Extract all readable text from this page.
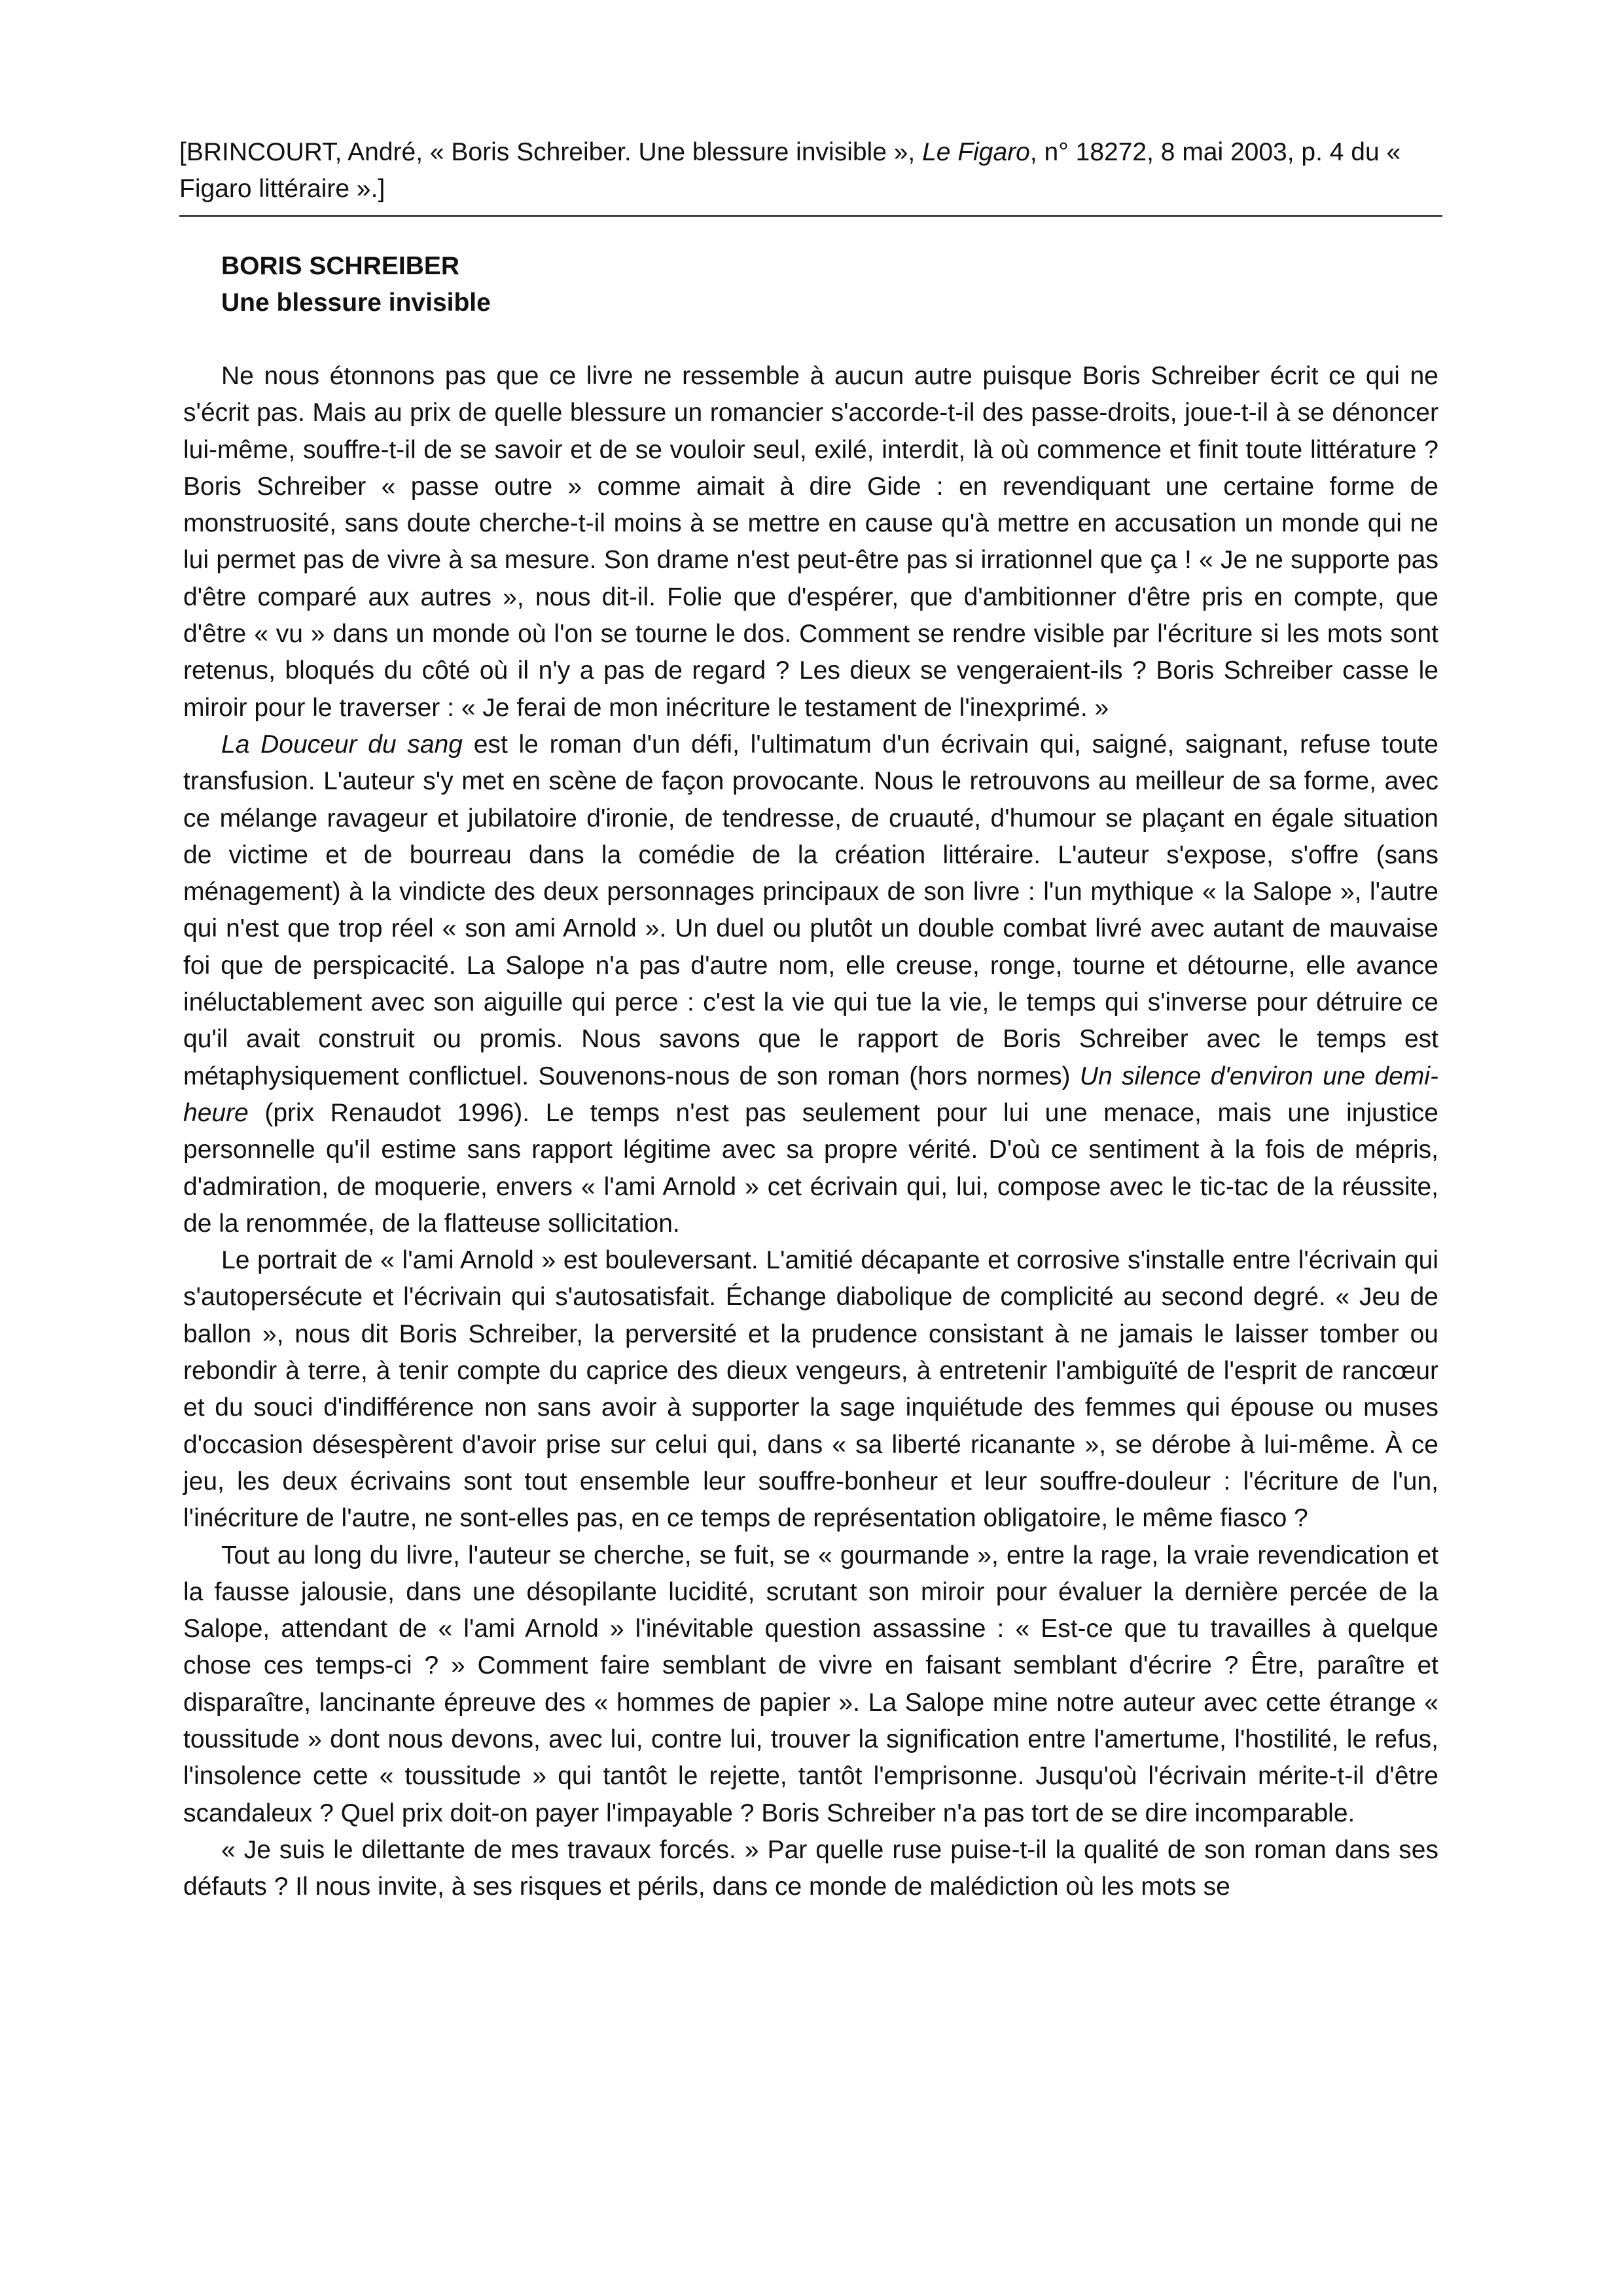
[BRINCOURT, André, « Boris Schreiber. Une blessure invisible », Le Figaro, n° 18272, 8 mai 2003, p. 4 du « Figaro littéraire ».]
BORIS SCHREIBER
Une blessure invisible

Ne nous étonnons pas que ce livre ne ressemble à aucun autre puisque Boris Schreiber écrit ce qui ne s'écrit pas. Mais au prix de quelle blessure un romancier s'accorde-t-il des passe-droits, joue-t-il à se dénoncer lui-même, souffre-t-il de se savoir et de se vouloir seul, exilé, interdit, là où commence et finit toute littérature ? Boris Schreiber « passe outre » comme aimait à dire Gide : en revendiquant une certaine forme de monstruosité, sans doute cherche-t-il moins à se mettre en cause qu'à mettre en accusation un monde qui ne lui permet pas de vivre à sa mesure. Son drame n'est peut-être pas si irrationnel que ça ! « Je ne supporte pas d'être comparé aux autres », nous dit-il. Folie que d'espérer, que d'ambitionner d'être pris en compte, que d'être « vu » dans un monde où l'on se tourne le dos. Comment se rendre visible par l'écriture si les mots sont retenus, bloqués du côté où il n'y a pas de regard ? Les dieux se vengeraient-ils ? Boris Schreiber casse le miroir pour le traverser : « Je ferai de mon inécriture le testament de l'inexprimé. »

La Douceur du sang est le roman d'un défi, l'ultimatum d'un écrivain qui, saigné, saignant, refuse toute transfusion. L'auteur s'y met en scène de façon provocante. Nous le retrouvons au meilleur de sa forme, avec ce mélange ravageur et jubilatoire d'ironie, de tendresse, de cruauté, d'humour se plaçant en égale situation de victime et de bourreau dans la comédie de la création littéraire. L'auteur s'expose, s'offre (sans ménagement) à la vindicte des deux personnages principaux de son livre : l'un mythique « la Salope », l'autre qui n'est que trop réel « son ami Arnold ». Un duel ou plutôt un double combat livré avec autant de mauvaise foi que de perspicacité. La Salope n'a pas d'autre nom, elle creuse, ronge, tourne et détourne, elle avance inéluctablement avec son aiguille qui perce : c'est la vie qui tue la vie, le temps qui s'inverse pour détruire ce qu'il avait construit ou promis. Nous savons que le rapport de Boris Schreiber avec le temps est métaphysiquement conflictuel. Souvenons-nous de son roman (hors normes) Un silence d'environ une demi-heure (prix Renaudot 1996). Le temps n'est pas seulement pour lui une menace, mais une injustice personnelle qu'il estime sans rapport légitime avec sa propre vérité. D'où ce sentiment à la fois de mépris, d'admiration, de moquerie, envers « l'ami Arnold » cet écrivain qui, lui, compose avec le tic-tac de la réussite, de la renommée, de la flatteuse sollicitation.

Le portrait de « l'ami Arnold » est bouleversant. L'amitié décapante et corrosive s'installe entre l'écrivain qui s'autopersécute et l'écrivain qui s'autosatisfait. Échange diabolique de complicité au second degré. « Jeu de ballon », nous dit Boris Schreiber, la perversité et la prudence consistant à ne jamais le laisser tomber ou rebondir à terre, à tenir compte du caprice des dieux vengeurs, à entretenir l'ambiguïté de l'esprit de rancœur et du souci d'indifférence non sans avoir à supporter la sage inquiétude des femmes qui épouse ou muses d'occasion désespèrent d'avoir prise sur celui qui, dans « sa liberté ricanante », se dérobe à lui-même. À ce jeu, les deux écrivains sont tout ensemble leur souffre-bonheur et leur souffre-douleur : l'écriture de l'un, l'inécriture de l'autre, ne sont-elles pas, en ce temps de représentation obligatoire, le même fiasco ?

Tout au long du livre, l'auteur se cherche, se fuit, se « gourmande », entre la rage, la vraie revendication et la fausse jalousie, dans une désopilante lucidité, scrutant son miroir pour évaluer la dernière percée de la Salope, attendant de « l'ami Arnold » l'inévitable question assassine : « Est-ce que tu travailles à quelque chose ces temps-ci ? » Comment faire semblant de vivre en faisant semblant d'écrire ? Être, paraître et disparaître, lancinante épreuve des « hommes de papier ». La Salope mine notre auteur avec cette étrange « toussitude » dont nous devons, avec lui, contre lui, trouver la signification entre l'amertume, l'hostilité, le refus, l'insolence cette « toussitude » qui tantôt le rejette, tantôt l'emprisonne. Jusqu'où l'écrivain mérite-t-il d'être scandaleux ? Quel prix doit-on payer l'impayable ? Boris Schreiber n'a pas tort de se dire incomparable.

« Je suis le dilettante de mes travaux forcés. » Par quelle ruse puise-t-il la qualité de son roman dans ses défauts ? Il nous invite, à ses risques et périls, dans ce monde de malédiction où les mots se
